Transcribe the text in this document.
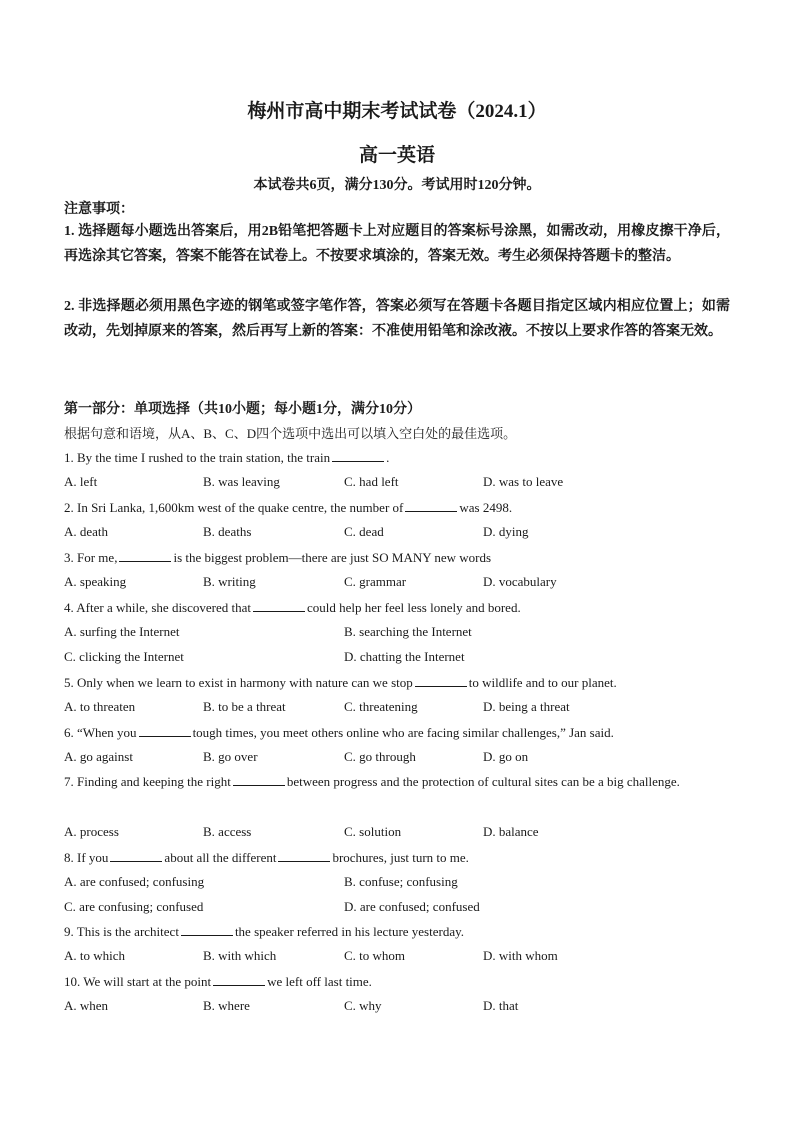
梅州市高中期末考试试卷（2024.1）
高一英语
本试卷共6页，满分130分。考试用时120分钟。
注意事项：

1. 选择题每小题选出答案后，用2B铅笔把答题卡上对应题目的答案标号涂黑，如需改动，用橡皮擦干净后，再选涂其它答案，答案不能答在试卷上。不按要求填涂的，答案无效。考生必须保持答题卡的整洁。

2. 非选择题必须用黑色字迹的钢笔或签字笔作答，答案必须写在答题卡各题目指定区域内相应位置上；如需改动，先划掉原来的答案，然后再写上新的答案：不准使用铅笔和涂改液。不按以上要求作答的答案无效。

第一部分：单项选择（共10小题；每小题1分，满分10分）
根据句意和语境，从A、B、C、D四个选项中选出可以填入空白处的最佳选项。
1. By the time I rushed to the train station, the train	.
A. left	B. was leaving	C. had left	D. was to leave
2. In Sri Lanka, 1,600km west of the quake centre, the number of	was 2498.
A. death	B. deaths	C. dead	D. dying
3. For me,	is the biggest problem—there are just SO MANY new words
A. speaking	B. writing	C. grammar	D. vocabulary
4. After a while, she discovered that	could help her feel less lonely and bored.
A. surfing the Internet	B. searching the Internet
C. clicking the Internet	D. chatting the Internet
5. Only when we learn to exist in harmony with nature can we stop	to wildlife and to our planet.
A. to threaten	B. to be a threat	C. threatening	D. being a threat
6. “When you	tough times, you meet others online who are facing similar challenges,” Jan said.
A. go against	B. go over	C. go through	D. go on

7. Finding and keeping the right	between progress and the protection of cultural sites can be a big challenge.

A. process	B. access	C. solution	D. balance
8. If you	about all the different	brochures, just turn to me.
A. are confused; confusing	B. confuse; confusing
C. are confusing; confused	D. are confused; confused
9. This is the architect	the speaker referred in his lecture yesterday.
A. to which	B. with which	C. to whom	D. with whom
10. We will start at the point	we left off last time.
A. when	B. where	C. why	D. that
